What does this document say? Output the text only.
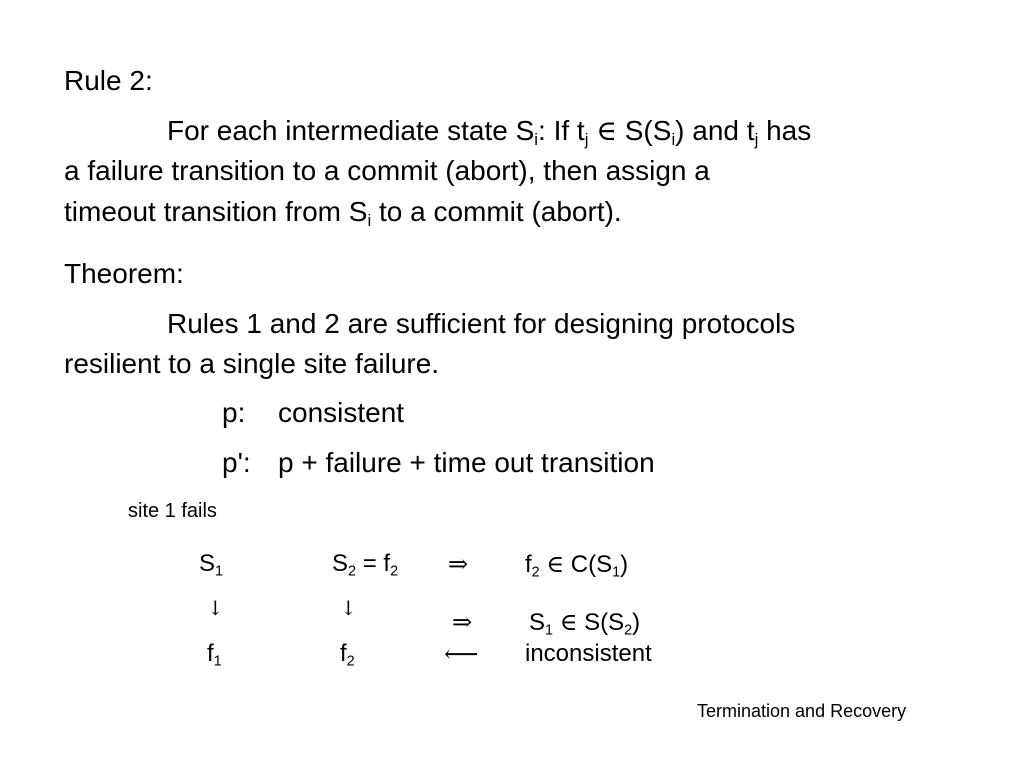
Rule 2:
For each intermediate state $S_i$: If $t_j$ ∈ $S(S_i)$ and $t_j$ has
a failure transition to a commit (abort), then assign a
timeout transition from $S_i$ to a commit (abort).
Theorem:
Rules 1 and 2 are sufficient for designing protocols
resilient to a single site failure.
p: consistent
p': p + failure + time out transition
site 1 fails
$S_1$	$S_2 = f_2$ ⇒ $f_2$ ∈ $C(S_1)$
↓	↓	⇒ $S_1$ ∈ $S(S_2)$
$f_1$	$f_2$	⟵ inconsistent
Termination and Recovery
